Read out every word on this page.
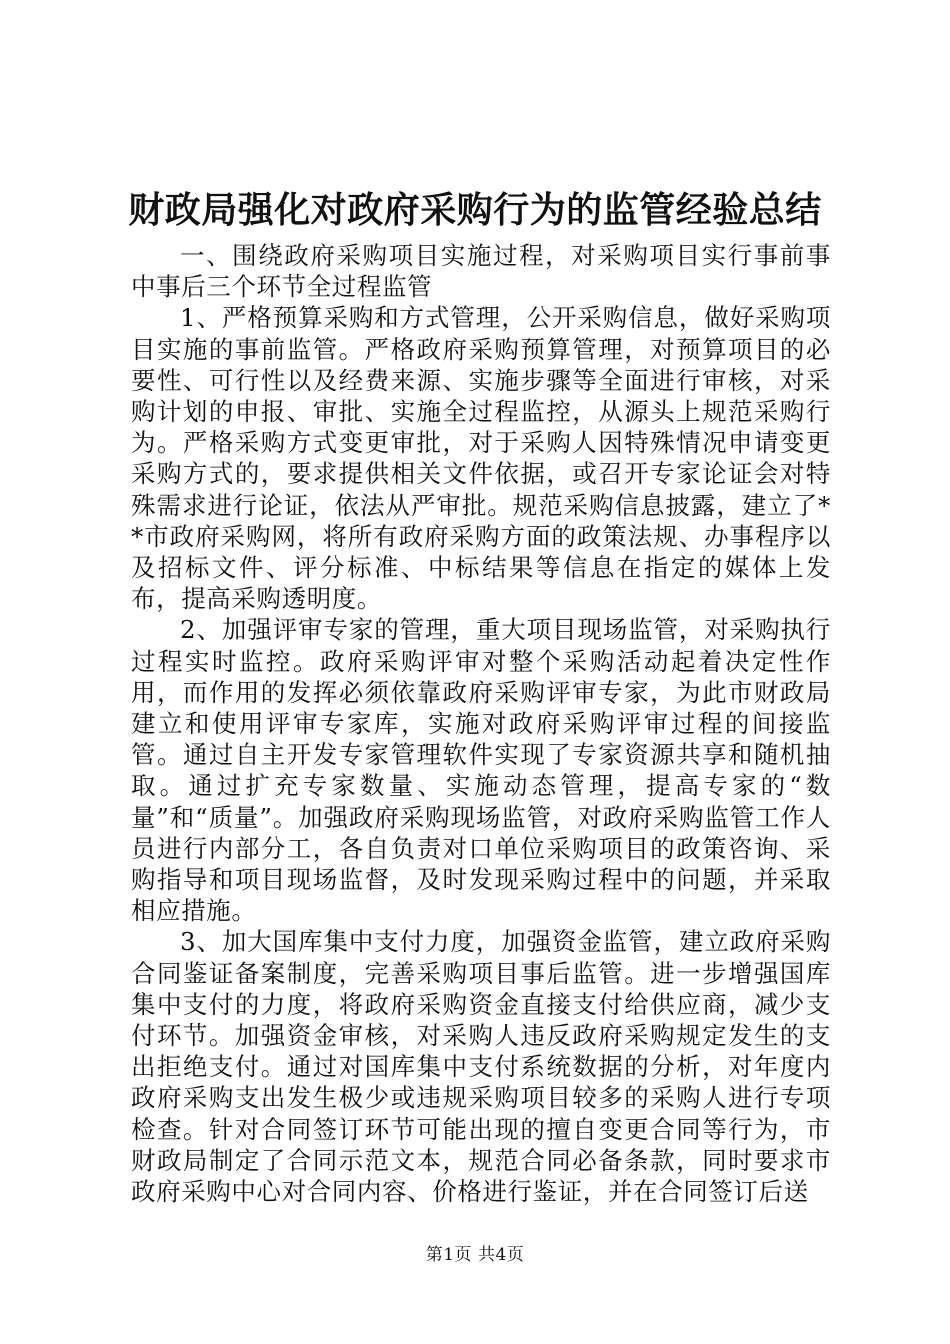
财政局强化对政府采购行为的监管经验总结

一、围绕政府采购项目实施过程，对采购项目实行事前事中事后三个环节全过程监管

1、严格预算采购和方式管理，公开采购信息，做好采购项目实施的事前监管。严格政府采购预算管理，对预算项目的必要性、可行性以及经费来源、实施步骤等全面进行审核，对采购计划的申报、审批、实施全过程监控，从源头上规范采购行为。严格采购方式变更审批，对于采购人因特殊情况申请变更采购方式的，要求提供相关文件依据，或召开专家论证会对特殊需求进行论证，依法从严审批。规范采购信息披露，建立了**市政府采购网，将所有政府采购方面的政策法规、办事程序以及招标文件、评分标准、中标结果等信息在指定的媒体上发布，提高采购透明度。

2、加强评审专家的管理，重大项目现场监管，对采购执行过程实时监控。政府采购评审对整个采购活动起着决定性作用，而作用的发挥必须依靠政府采购评审专家，为此市财政局建立和使用评审专家库，实施对政府采购评审过程的间接监管。通过自主开发专家管理软件实现了专家资源共享和随机抽取。通过扩充专家数量、实施动态管理，提高专家的“数量”和“质量”。加强政府采购现场监管，对政府采购监管工作人员进行内部分工，各自负责对口单位采购项目的政策咨询、采购指导和项目现场监督，及时发现采购过程中的问题，并采取相应措施。

3、加大国库集中支付力度，加强资金监管，建立政府采购合同鉴证备案制度，完善采购项目事后监管。进一步增强国库集中支付的力度，将政府采购资金直接支付给供应商，减少支付环节。加强资金审核，对采购人违反政府采购规定发生的支出拒绝支付。通过对国库集中支付系统数据的分析，对年度内政府采购支出发生极少或违规采购项目较多的采购人进行专项检查。针对合同签订环节可能出现的擅自变更合同等行为，市财政局制定了合同示范文本，规范合同必备条款，同时要求市政府采购中心对合同内容、价格进行鉴证，并在合同签订后送

第1页 共4页
